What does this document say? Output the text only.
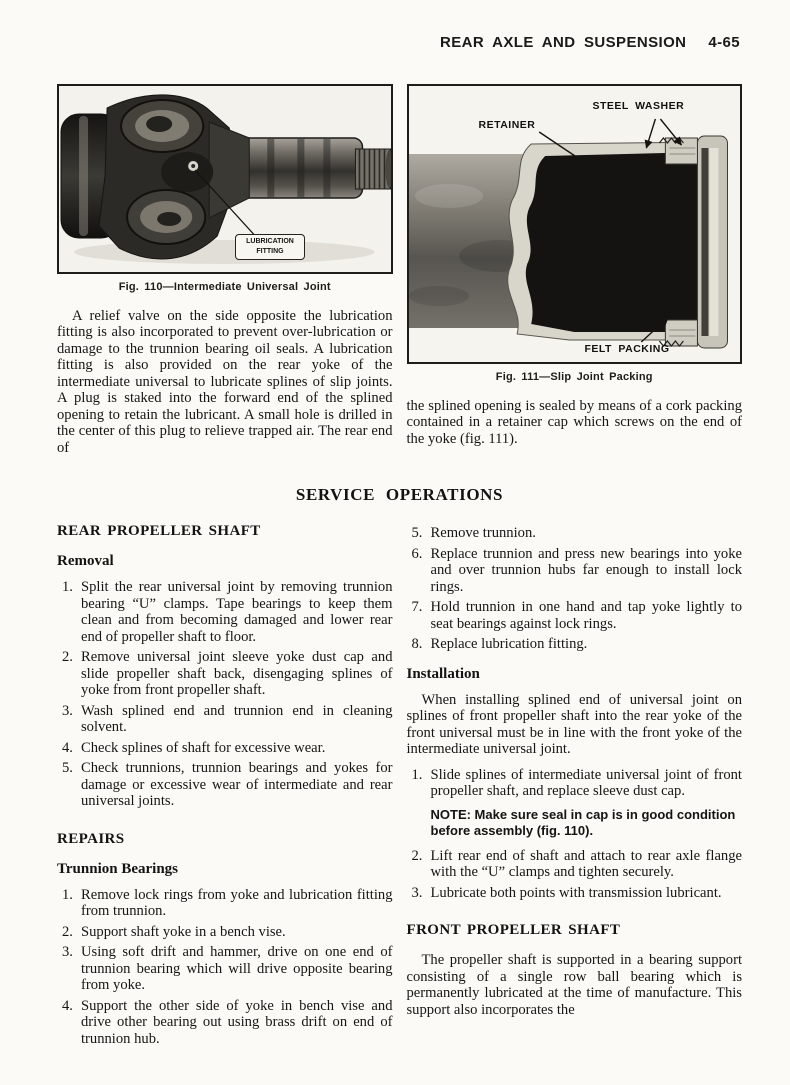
REAR AXLE AND SUSPENSION 4-65
LUBRICATION
FITTING
Fig. 110—Intermediate Universal Joint

A relief valve on the side opposite the lubrication fitting is also incorporated to prevent over-lubrication or damage to the trunnion bearing oil seals. A lubrication fitting is also provided on the rear yoke of the intermediate universal to lubricate splines of slip joints. A plug is staked into the forward end of the splined opening to retain the lubricant. A small hole is drilled in the center of this plug to relieve trapped air. The rear end of

RETAINER
STEEL WASHER
FELT PACKING
Fig. 111—Slip Joint Packing

the splined opening is sealed by means of a cork packing contained in a retainer cap which screws on the end of the yoke (fig. 111).

SERVICE OPERATIONS
REAR PROPELLER SHAFT
Removal
1. Split the rear universal joint by removing trunnion bearing “U” clamps. Tape bearings to keep them clean and from becoming damaged and lower rear end of propeller shaft to floor.
2. Remove universal joint sleeve yoke dust cap and slide propeller shaft back, disengaging splines of yoke from front propeller shaft.
3. Wash splined end and trunnion end in cleaning solvent.
4. Check splines of shaft for excessive wear.
5. Check trunnions, trunnion bearings and yokes for damage or excessive wear of intermediate and rear universal joints.
REPAIRS
Trunnion Bearings
1. Remove lock rings from yoke and lubrication fitting from trunnion.
2. Support shaft yoke in a bench vise.
3. Using soft drift and hammer, drive on one end of trunnion bearing which will drive opposite bearing from yoke.
4. Support the other side of yoke in bench vise and drive other bearing out using brass drift on end of trunnion hub.
5. Remove trunnion.
6. Replace trunnion and press new bearings into yoke and over trunnion hubs far enough to install lock rings.
7. Hold trunnion in one hand and tap yoke lightly to seat bearings against lock rings.
8. Replace lubrication fitting.
Installation

When installing splined end of universal joint on splines of front propeller shaft into the rear yoke of the front universal must be in line with the front yoke of the intermediate universal joint.

1. Slide splines of intermediate universal joint of front propeller shaft, and replace sleeve dust cap.

NOTE: Make sure seal in cap is in good condition before assembly (fig. 110).

2. Lift rear end of shaft and attach to rear axle flange with the “U” clamps and tighten securely.
3. Lubricate both points with transmission lubricant.
FRONT PROPELLER SHAFT

The propeller shaft is supported in a bearing support consisting of a single row ball bearing which is permanently lubricated at the time of manufacture. This support also incorporates the
